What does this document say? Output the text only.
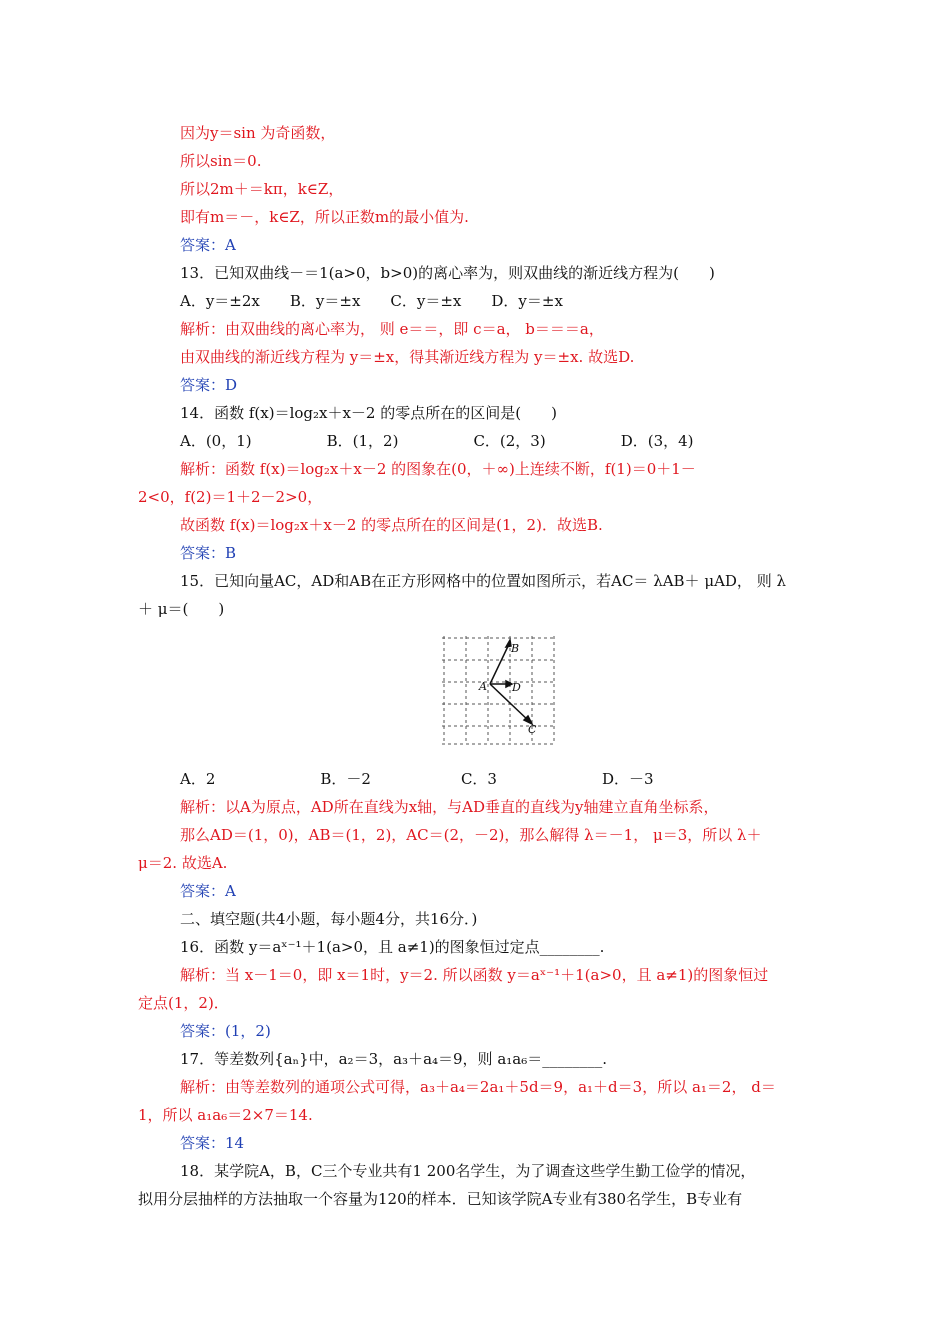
因为y＝sin 为奇函数，
所以sin＝0.
所以2m＋＝kπ，k∈Z，
即有m＝－，k∈Z，所以正数m的最小值为.
答案：A
13．已知双曲线－＝1(a>0，b>0)的离心率为，则双曲线的渐近线方程为(　　)
A．y＝±2x　　B．y＝±x　　C．y＝±x　　D．y＝±x
解析：由双曲线的离心率为， 则 e＝＝，即 c＝a， b＝＝＝a，
由双曲线的渐近线方程为 y＝±x，得其渐近线方程为 y＝±x. 故选D.
答案：D
14．函数 f(x)＝log₂x＋x－2 的零点所在的区间是(　　)
A．(0，1)　　　　　B．(1，2)　　　　　C．(2，3)　　　　　D．(3，4)
解析：函数 f(x)＝log₂x＋x－2 的图象在(0，＋∞)上连续不断，f(1)＝0＋1－
2<0，f(2)＝1＋2－2>0，
故函数 f(x)＝log₂x＋x－2 的零点所在的区间是(1，2)．故选B.
答案：B
15．已知向量AC，AD和AB在正方形网格中的位置如图所示，若AC＝ λAB＋ μAD， 则 λ
＋ μ＝(　　)
A．2　　　　　　　B．－2　　　　　　C．3　　　　　　　D．－3
解析：以A为原点，AD所在直线为x轴，与AD垂直的直线为y轴建立直角坐标系，
那么AD＝(1，0)，AB＝(1，2)，AC＝(2，－2)，那么解得 λ＝－1， μ＝3，所以 λ＋
μ＝2. 故选A.
答案：A
二、填空题(共4小题，每小题4分，共16分．)
16．函数 y＝aˣ⁻¹＋1(a>0，且 a≠1)的图象恒过定点________.
解析：当 x－1＝0，即 x＝1时，y＝2. 所以函数 y＝aˣ⁻¹＋1(a>0，且 a≠1)的图象恒过
定点(1，2)．
答案：(1，2)
17．等差数列{aₙ}中，a₂＝3，a₃＋a₄＝9，则 a₁a₆＝________.
解析：由等差数列的通项公式可得，a₃＋a₄＝2a₁＋5d＝9，a₁＋d＝3，所以 a₁＝2， d＝
1，所以 a₁a₆＝2×7＝14.
答案：14
18．某学院A，B，C三个专业共有1 200名学生，为了调查这些学生勤工俭学的情况，
拟用分层抽样的方法抽取一个容量为120的样本．已知该学院A专业有380名学生，B专业有
B
A D
C
